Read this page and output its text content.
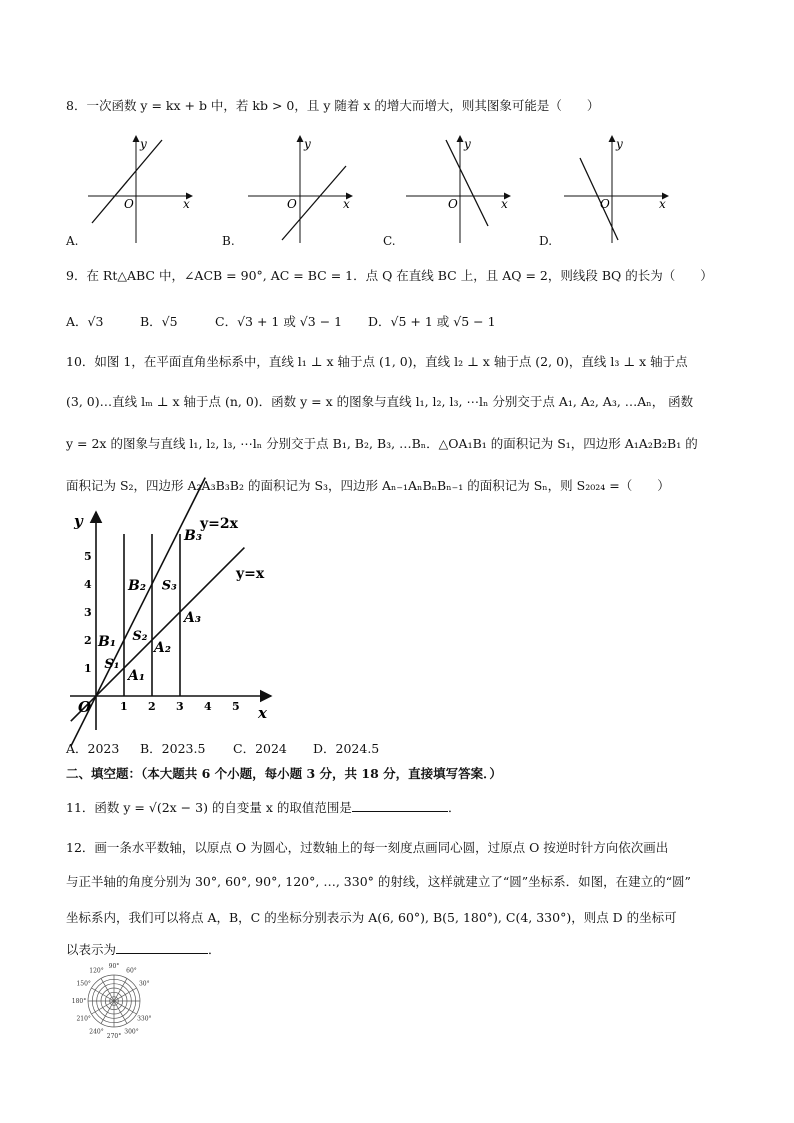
8．一次函数 y = kx + b 中，若 kb > 0，且 y 随着 x 的增大而增大，则其图象可能是（　　）
y
x
O
A.
y
x
O
B.
y
x
O
C.
y
x
O
D.
9．在 Rt△ABC 中，∠ACB = 90°, AC = BC = 1．点 Q 在直线 BC 上，且 AQ = 2，则线段 BQ 的长为（　　）
A．√3	B．√5	C．√3 + 1 或 √3 − 1 D．√5 + 1 或 √5 − 1
10．如图 1，在平面直角坐标系中，直线 l₁ ⊥ x 轴于点 (1, 0)，直线 l₂ ⊥ x 轴于点 (2, 0)，直线 l₃ ⊥ x 轴于点
(3, 0)…直线 lₘ ⊥ x 轴于点 (n, 0)．函数 y = x 的图象与直线 l₁, l₂, l₃, ⋯lₙ 分别交于点 A₁, A₂, A₃, …Aₙ， 函数
y = 2x 的图象与直线 l₁, l₂, l₃, ⋯lₙ 分别交于点 B₁, B₂, B₃, …Bₙ．△OA₁B₁ 的面积记为 S₁，四边形 A₁A₂B₂B₁ 的
面积记为 S₂，四边形 A₂A₃B₃B₂ 的面积记为 S₃，四边形 Aₙ₋₁AₙBₙBₙ₋₁ 的面积记为 Sₙ，则 S₂₀₂₄ =（　　）
y=2x
y=x
y
x
O	1 2 3 4 5
1
2
3
4
5
B₁
B₂
B₃
A₁
A₂
A₃
S₁
S₂
S₃
A．2023 B．2023.5 C．2024 D．2024.5
二、填空题：（本大题共 6 个小题，每小题 3 分，共 18 分，直接填写答案．）
11．函数 y = √(2x − 3) 的自变量 x 的取值范围是	．
12．画一条水平数轴，以原点 O 为圆心，过数轴上的每一刻度点画同心圆，过原点 O 按逆时针方向依次画出
与正半轴的角度分别为 30°, 60°, 90°, 120°, …, 330° 的射线，这样就建立了“圆”坐标系．如图，在建立的“圆”
坐标系内，我们可以将点 A，B，C 的坐标分别表示为 A(6, 60°), B(5, 180°), C(4, 330°)，则点 D 的坐标可
以表示为	．
90°
120°	60°
150°	30°
180°
210°	330°
240°
270°
300°
